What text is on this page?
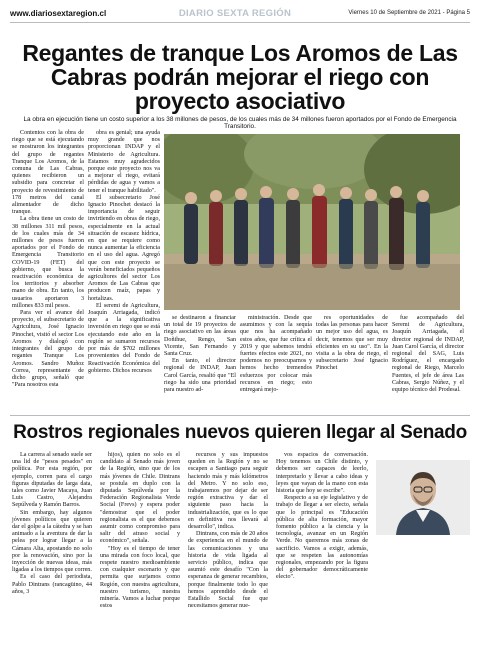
www.diariosextaregion.cl	DIARIO SEXTA REGIÓN	Viernes 10 de Septiembre de 2021 - Página 5
Regantes de tranque Los Aromos de Las Cabras podrán mejorar el riego con proyecto asociativo
La obra en ejecución tiene un costo superior a los 38 millones de pesos, de los cuales más de 34 millones fueron aportados por el Fondo de Emergencia Transitorio.

Contentos con la obra de riego que se está ejecutando se mostraron los integrantes del grupo de regantes Tranque Los Aromos, de la comuna de Las Cabras, quienes recibieron un subsidio para concretar el proyecto de revestimiento de 178 metros del canal alimentador de dicho tranque.

La obra tiene un costo de 38 millones 311 mil pesos, de los cuales más de 34 millones de pesos fueron aportados por el Fondo de Emergencia Transitorio COVID-19 (FET) del gobierno, que busca la reactivación económica de los territorios y absorber mano de obra. En tanto, los usuarios aportaron 3 millones 833 mil pesos.

Para ver el avance del proyecto, el subsecretario de Agricultura, José Ignacio Pinochet, visitó el sector Los Aromos y dialogó con integrantes del grupo de regantes Tranque Los Aromos. Sandro Muñoz Correa, representante de dicho grupo, señaló que "Para nosotros esta

obra es genial; una ayuda muy grande que nos proporcionan INDAP y el Ministerio de Agricultura. Estamos muy agradecidos porque este proyecto nos va a mejorar el riego, evitará pérdidas de agua y vamos a tener el tranque habilitado".

El subsecretario José Ignacio Pinochet destacó la importancia de seguir invirtiendo en obras de riego, especialmente en la actual situación de escasez hídrica, en que se requiere como nunca aumentar la eficiencia en el uso del agua. Agregó que con este proyecto se verán beneficiados pequeños agricultores del sector Los Aromos de Las Cabras que producen maíz, papas y hortalizas.

El seremi de Agricultura, Joaquín Arriagada, indicó que a la significativa inversión en riego que se está ejecutando este año en la región se sumaron recursos por más de $702 millones provenientes del Fondo de Reactivación Económica del gobierno. Dichos recursos

se destinaron a financiar un total de 19 proyectos de riego asociativo en las áreas Doñihue, Rengo, San Vicente, San Fernando y Santa Cruz.

En tanto, el director regional de INDAP, Juan Carol García, resaltó que "El riego ha sido una prioridad para nuestro ad-

ministración. Desde que asumimos y con la sequía que nos ha acompañado estos años, que fue crítica el 2019 y que sabemos tendrá fuertes efectos este 2021, no podemos no preocuparnos y hemos hecho tremendos esfuerzos por colocar más recursos en riego; esto entregará mejo-

res oportunidades de todas las personas para hacer un mejor uso del agua, es decir, tenemos que ser muy eficientes en su uso". En la visita a la obra de riego, el subsecretario José Ignacio Pinochet

fue acompañado del Seremi de Agricultura, Joaquín Arriagada, el director regional de INDAP, Juan Carol García, el director regional del SAG, Luis Rodríguez, el encargado regional de Riego, Marcelo Fuentes, el jefe de área Las Cabras, Sergio Núñez, y el equipo técnico del Prodesal.

Rostros regionales nuevos quieren llegar al Senado

La carrera al senado suele ser una lid de "pesos pesados" en política. Por esta región, por ejemplo, corren para el cargo figuras diputadas de larga data, tales como Javier Macaya, Juan Luis Castro, Alejandra Sepúlveda y Ramón Barros.

Sin embargo, hay algunos jóvenes políticos que quieren dar el golpe a la cátedra y se han animado a la aventura de dar la pelea por lograr llegar a la Cámara Alta, apostando no solo por la renovación, sino por la inyección de nuevas ideas, más ligadas a los tiempos que corren.

Es el caso del periodista, Pablo Dintrans (rancagüino, 44 años, 3

hijos), quien no solo es el candidato al Senado más joven de la Región, sino que de los más jóvenes de Chile. Dintrans se postula en duplo con la diputada Sepúlveda por la Federación Regionalista Verde Social (Frevs) y espera poder "demostrar que el poder regionalista es el que debemos asumir como compromiso para salir del atraso social y económico", señala.

"Hoy es el tiempo de tener una mirada con foco local, que respete nuestro medioambiente con cualquier escenario y que permita que surjamos como Región, con nuestra agricultura, nuestro turismo, nuestra minería. Vamos a luchar porque estos

recursos y sus impuestos queden en la Región y no se escapen a Santiago para seguir haciendo más y más kilómetros del Metro. Y no solo eso, trabajaremos por dejar de ser región extractiva y dar el siguiente paso hacia la industrialización, que es lo que en definitiva nos llevará al desarrollo", indica.

Dintrans, con más de 20 años de experiencia en el mundo de las comunicaciones y una historia de vida ligada al servicio público, indica que asumió este desafío "Con la esperanza de generar recambios, porque finalmente todo lo que hemos aprendido desde el Estallido Social fue que necesitamos generar nue-

vos espacios de conversación. Hoy tenemos un Chile distinto, y debemos ser capaces de leerlo, interpretarlo y llevar a cabo ideas y leyes que vayan de la mano con esta historia que hoy se escribe".

Respecto a su eje legislativo y de trabajo de llegar a ser electo, señala que lo principal es "Educación pública de alta formación, mayor fomento público a la ciencia y la tecnología, avanzar en un Región Verde. No queremos más zonas de sacrificio. Vamos a exigir, además, que se respeten las autonomías regionales, empezando por la figura del gobernador democráticamente electo".
